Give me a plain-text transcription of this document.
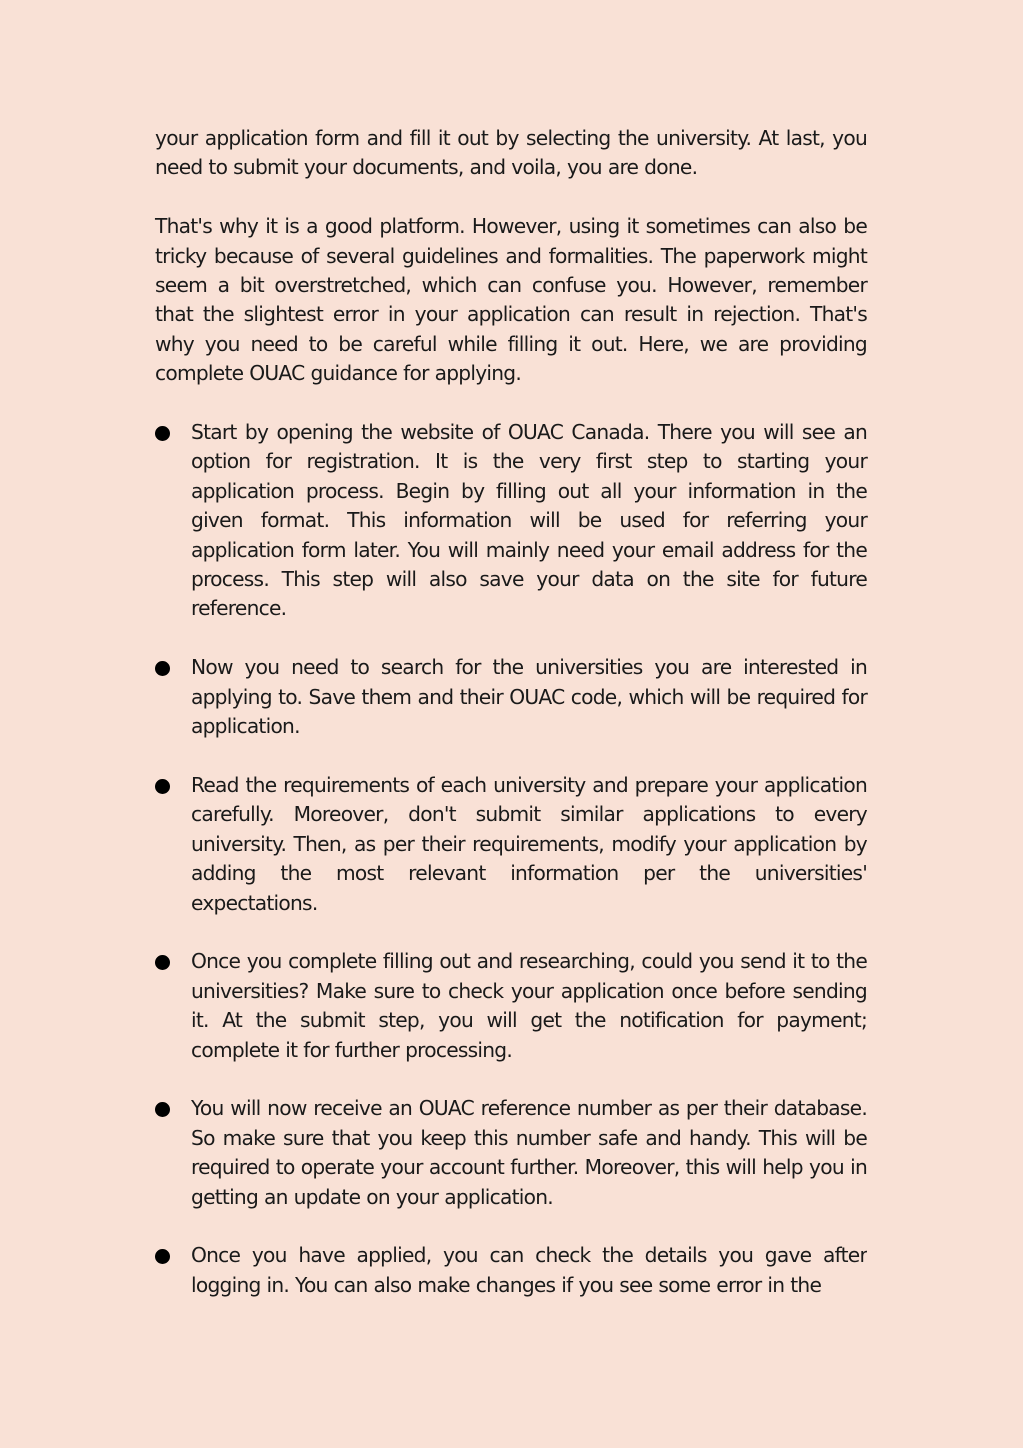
your application form and fill it out by selecting the university. At last, you need to submit your documents, and voila, you are done.

That's why it is a good platform. However, using it sometimes can also be tricky because of several guidelines and formalities. The paperwork might seem a bit overstretched, which can confuse you. However, remember that the slightest error in your application can result in rejection. That's why you need to be careful while filling it out. Here, we are providing complete OUAC guidance for applying.

Start by opening the website of OUAC Canada. There you will see an option for registration. It is the very first step to starting your application process. Begin by filling out all your information in the given format. This information will be used for referring your application form later. You will mainly need your email address for the process. This step will also save your data on the site for future reference.
Now you need to search for the universities you are interested in applying to. Save them and their OUAC code, which will be required for application.
Read the requirements of each university and prepare your application carefully. Moreover, don't submit similar applications to every university. Then, as per their requirements, modify your application by adding the most relevant information per the universities' expectations.
Once you complete filling out and researching, could you send it to the universities? Make sure to check your application once before sending it. At the submit step, you will get the notification for payment; complete it for further processing.
You will now receive an OUAC reference number as per their database. So make sure that you keep this number safe and handy. This will be required to operate your account further. Moreover, this will help you in getting an update on your application.
Once you have applied, you can check the details you gave after logging in. You can also make changes if you see some error in the
